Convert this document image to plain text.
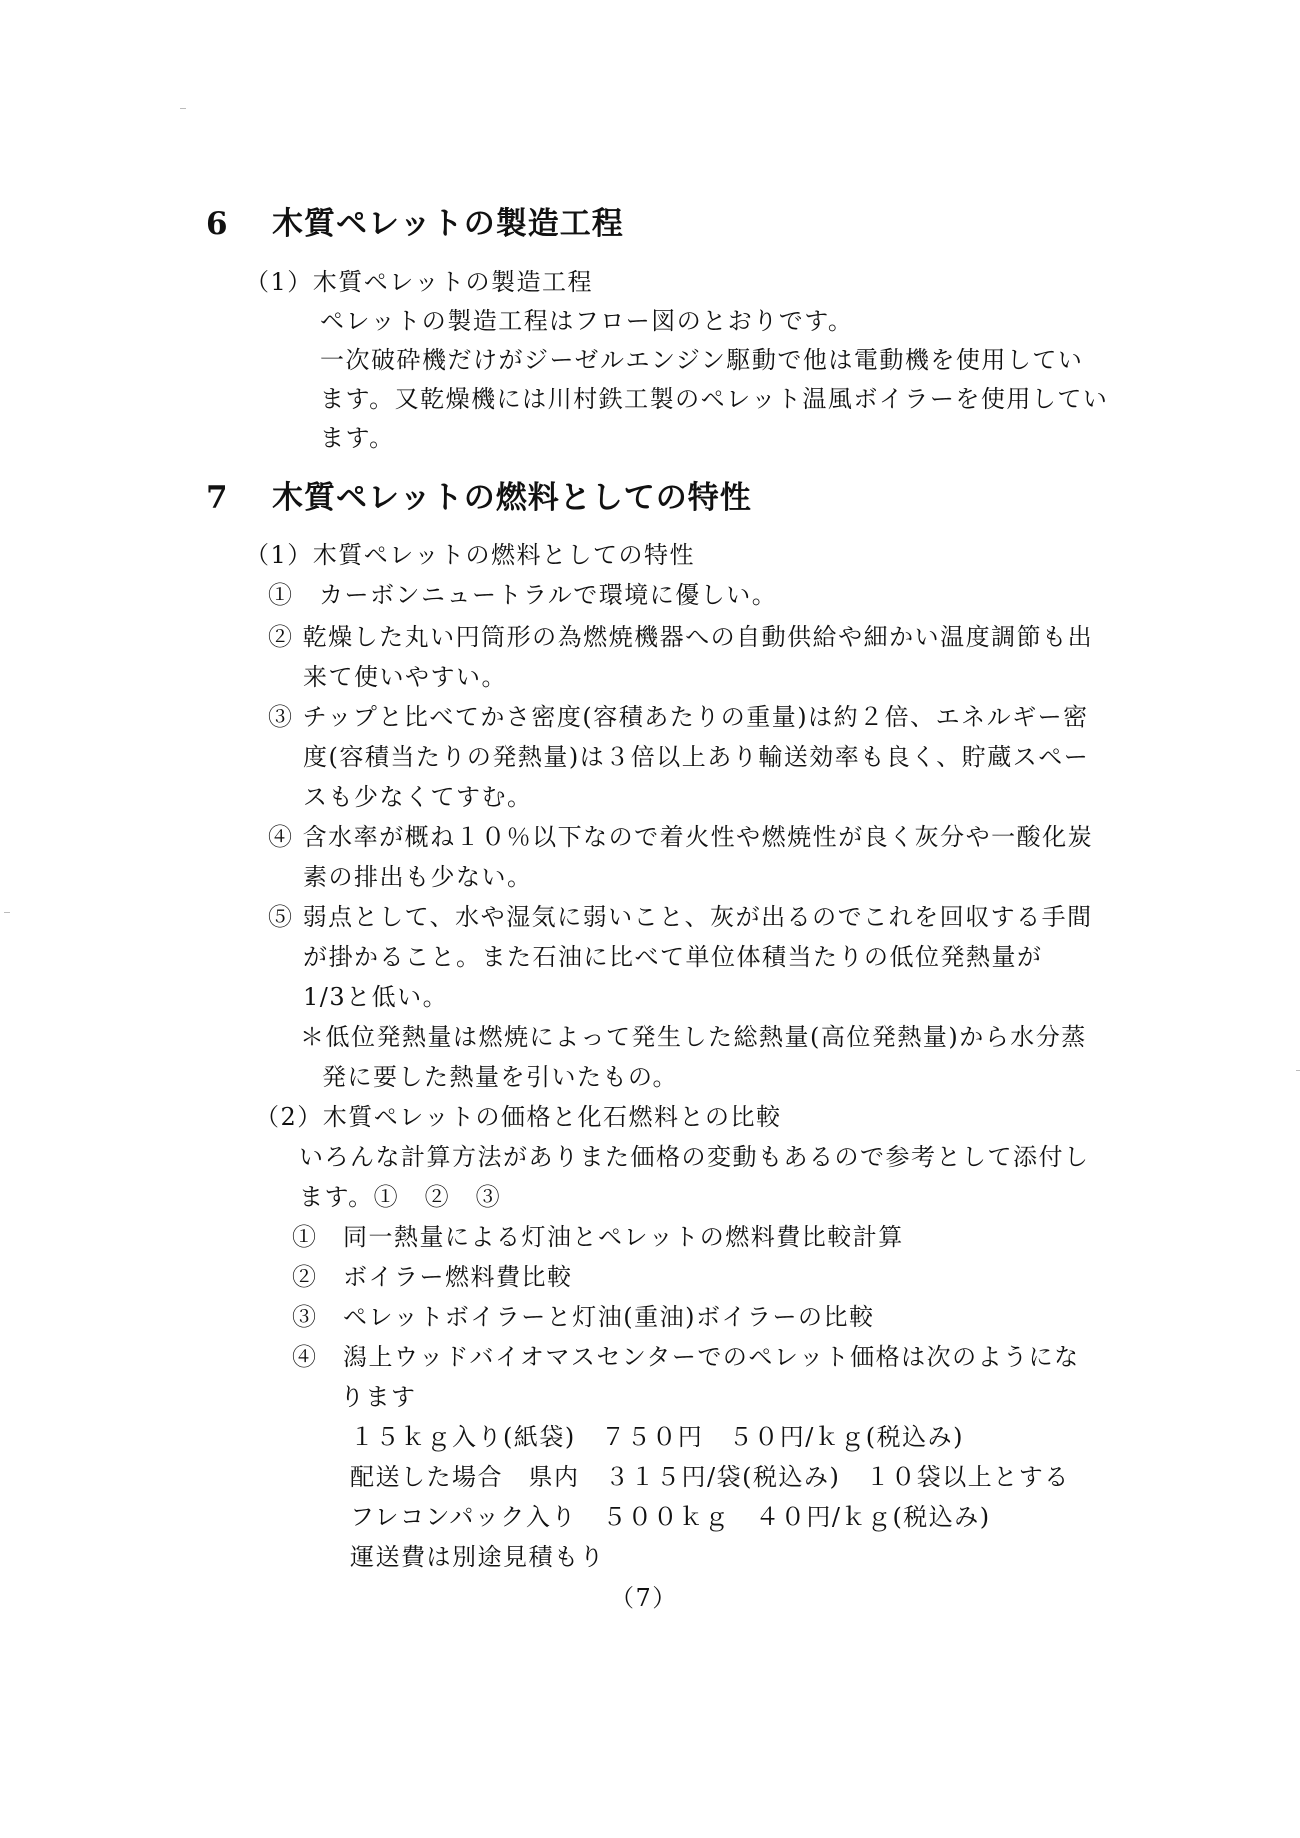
6 木質ペレットの製造工程
（1）木質ペレットの製造工程
ペレットの製造工程はフロー図のとおりです。
一次破砕機だけがジーゼルエンジン駆動で他は電動機を使用してい
ます。又乾燥機には川村鉄工製のペレット温風ボイラーを使用してい
ます。
7 木質ペレットの燃料としての特性
（1）木質ペレットの燃料としての特性
①　カーボンニュートラルで環境に優しい。
② 乾燥した丸い円筒形の為燃焼機器への自動供給や細かい温度調節も出
来て使いやすい。
③ チップと比べてかさ密度(容積あたりの重量)は約２倍、エネルギー密
度(容積当たりの発熱量)は３倍以上あり輸送効率も良く、貯蔵スペー
スも少なくてすむ。
④ 含水率が概ね１０％以下なので着火性や燃焼性が良く灰分や一酸化炭
素の排出も少ない。
⑤ 弱点として、水や湿気に弱いこと、灰が出るのでこれを回収する手間
が掛かること。また石油に比べて単位体積当たりの低位発熱量が
1/3と低い。
＊低位発熱量は燃焼によって発生した総熱量(高位発熱量)から水分蒸
発に要した熱量を引いたもの。
（2）木質ペレットの価格と化石燃料との比較
いろんな計算方法がありまた価格の変動もあるので参考として添付し
ます。①　②　③
①　同一熱量による灯油とペレットの燃料費比較計算
②　ボイラー燃料費比較
③　ペレットボイラーと灯油(重油)ボイラーの比較
④　潟上ウッドバイオマスセンターでのペレット価格は次のようにな
ります
１５ｋｇ入り(紙袋)　７５０円　５０円/ｋｇ(税込み)
配送した場合　県内　３１５円/袋(税込み)　１０袋以上とする
フレコンパック入り　５００ｋｇ　４０円/ｋｇ(税込み)
運送費は別途見積もり
（7）
